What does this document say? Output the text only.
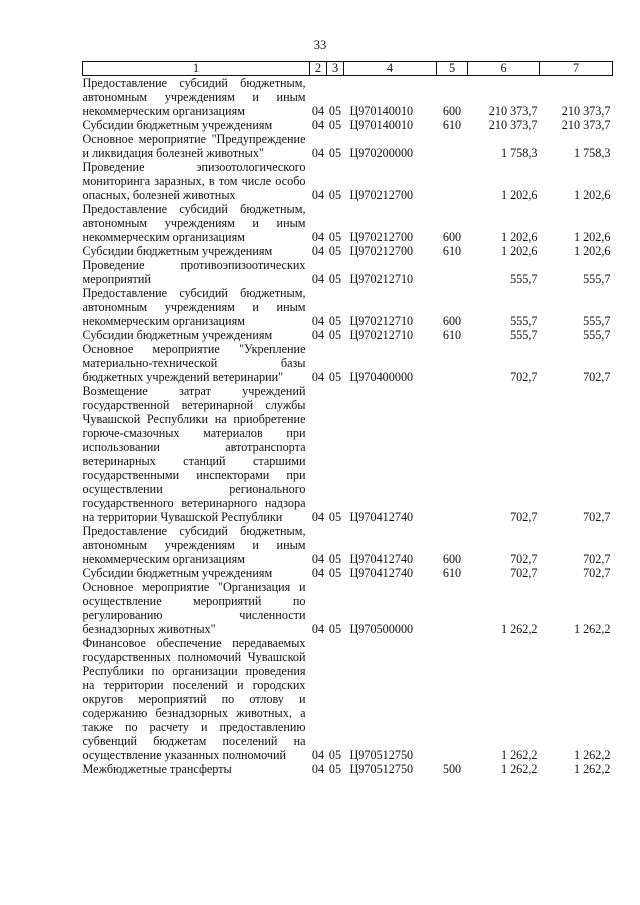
33
1	2	3	4	5	6	7
Предоставление субсидий бюджетным, автономным учреждениям и иным некоммерческим организациям	04	05	Ц970140010	600	210 373,7	210 373,7
Субсидии бюджетным учреждениям	04	05	Ц970140010	610	210 373,7	210 373,7
Основное мероприятие "Предупреждение и ликвидация болезней животных"	04	05	Ц970200000		1 758,3	1 758,3
Проведение эпизоотологического мониторинга заразных, в том числе особо опасных, болезней животных	04	05	Ц970212700		1 202,6	1 202,6
Предоставление субсидий бюджетным, автономным учреждениям и иным некоммерческим организациям	04	05	Ц970212700	600	1 202,6	1 202,6
Субсидии бюджетным учреждениям	04	05	Ц970212700	610	1 202,6	1 202,6
Проведение противоэпизоотических мероприятий	04	05	Ц970212710		555,7	555,7
Предоставление субсидий бюджетным, автономным учреждениям и иным некоммерческим организациям	04	05	Ц970212710	600	555,7	555,7
Субсидии бюджетным учреждениям	04	05	Ц970212710	610	555,7	555,7
Основное мероприятие "Укрепление материально-технической базы бюджетных учреждений ветеринарии"	04	05	Ц970400000		702,7	702,7
Возмещение затрат учреждений государственной ветеринарной службы Чувашской Республики на приобретение горюче-смазочных материалов при использовании автотранспорта ветеринарных станций старшими государственными инспекторами при осуществлении регионального государственного ветеринарного надзора на территории Чувашской Республики	04	05	Ц970412740		702,7	702,7
Предоставление субсидий бюджетным, автономным учреждениям и иным некоммерческим организациям	04	05	Ц970412740	600	702,7	702,7
Субсидии бюджетным учреждениям	04	05	Ц970412740	610	702,7	702,7
Основное мероприятие "Организация и осуществление мероприятий по регулированию численности безнадзорных животных"	04	05	Ц970500000		1 262,2	1 262,2
Финансовое обеспечение передаваемых государственных полномочий Чувашской Республики по организации проведения на территории поселений и городских округов мероприятий по отлову и содержанию безнадзорных животных, а также по расчету и предоставлению субвенций бюджетам поселений на осуществление указанных полномочий	04	05	Ц970512750		1 262,2	1 262,2
Межбюджетные трансферты	04	05	Ц970512750	500	1 262,2	1 262,2
